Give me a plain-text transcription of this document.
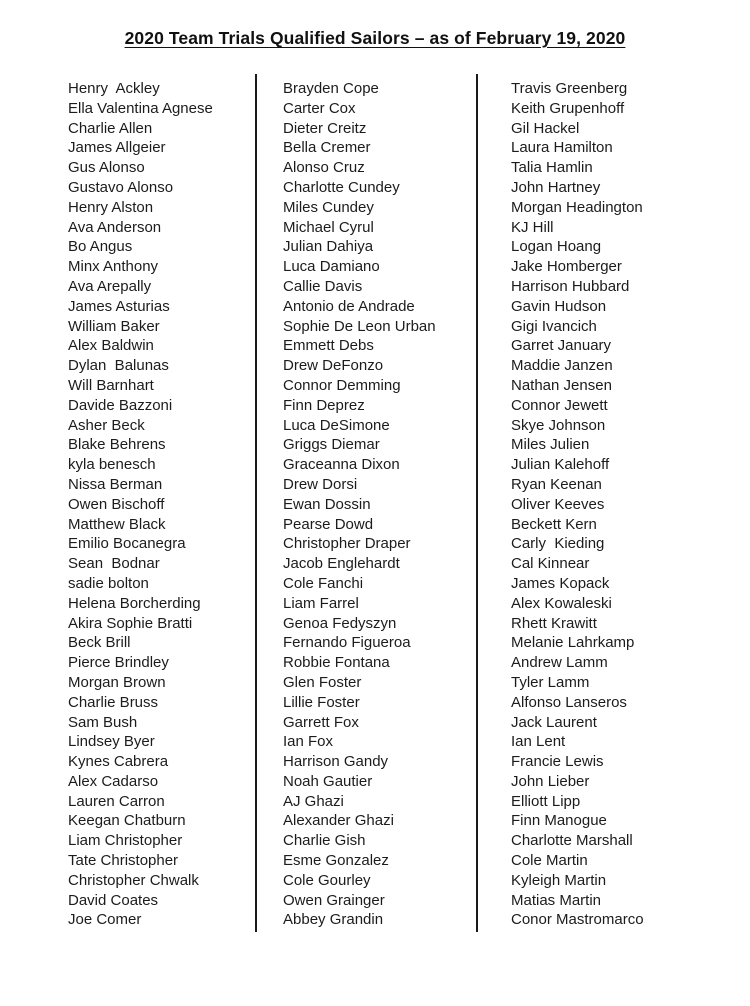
2020 Team Trials Qualified Sailors – as of February 19, 2020
Henry  Ackley
Ella Valentina Agnese
Charlie Allen
James Allgeier
Gus Alonso
Gustavo Alonso
Henry Alston
Ava Anderson
Bo Angus
Minx Anthony
Ava Arepally
James Asturias
William Baker
Alex Baldwin
Dylan  Balunas
Will Barnhart
Davide Bazzoni
Asher Beck
Blake Behrens
kyla benesch
Nissa Berman
Owen Bischoff
Matthew Black
Emilio Bocanegra
Sean  Bodnar
sadie bolton
Helena Borcherding
Akira Sophie Bratti
Beck Brill
Pierce Brindley
Morgan Brown
Charlie Bruss
Sam Bush
Lindsey Byer
Kynes Cabrera
Alex Cadarso
Lauren Carron
Keegan Chatburn
Liam Christopher
Tate Christopher
Christopher Chwalk
David Coates
Joe Comer
Brayden Cope
Carter Cox
Dieter Creitz
Bella Cremer
Alonso Cruz
Charlotte Cundey
Miles Cundey
Michael Cyrul
Julian Dahiya
Luca Damiano
Callie Davis
Antonio de Andrade
Sophie De Leon Urban
Emmett Debs
Drew DeFonzo
Connor Demming
Finn Deprez
Luca DeSimone
Griggs Diemar
Graceanna Dixon
Drew Dorsi
Ewan Dossin
Pearse Dowd
Christopher Draper
Jacob Englehardt
Cole Fanchi
Liam Farrel
Genoa Fedyszyn
Fernando Figueroa
Robbie Fontana
Glen Foster
Lillie Foster
Garrett Fox
Ian Fox
Harrison Gandy
Noah Gautier
AJ Ghazi
Alexander Ghazi
Charlie Gish
Esme Gonzalez
Cole Gourley
Owen Grainger
Abbey Grandin
Travis Greenberg
Keith Grupenhoff
Gil Hackel
Laura Hamilton
Talia Hamlin
John Hartney
Morgan Headington
KJ Hill
Logan Hoang
Jake Homberger
Harrison Hubbard
Gavin Hudson
Gigi Ivancich
Garret January
Maddie Janzen
Nathan Jensen
Connor Jewett
Skye Johnson
Miles Julien
Julian Kalehoff
Ryan Keenan
Oliver Keeves
Beckett Kern
Carly  Kieding
Cal Kinnear
James Kopack
Alex Kowaleski
Rhett Krawitt
Melanie Lahrkamp
Andrew Lamm
Tyler Lamm
Alfonso Lanseros
Jack Laurent
Ian Lent
Francie Lewis
John Lieber
Elliott Lipp
Finn Manogue
Charlotte Marshall
Cole Martin
Kyleigh Martin
Matias Martin
Conor Mastromarco
